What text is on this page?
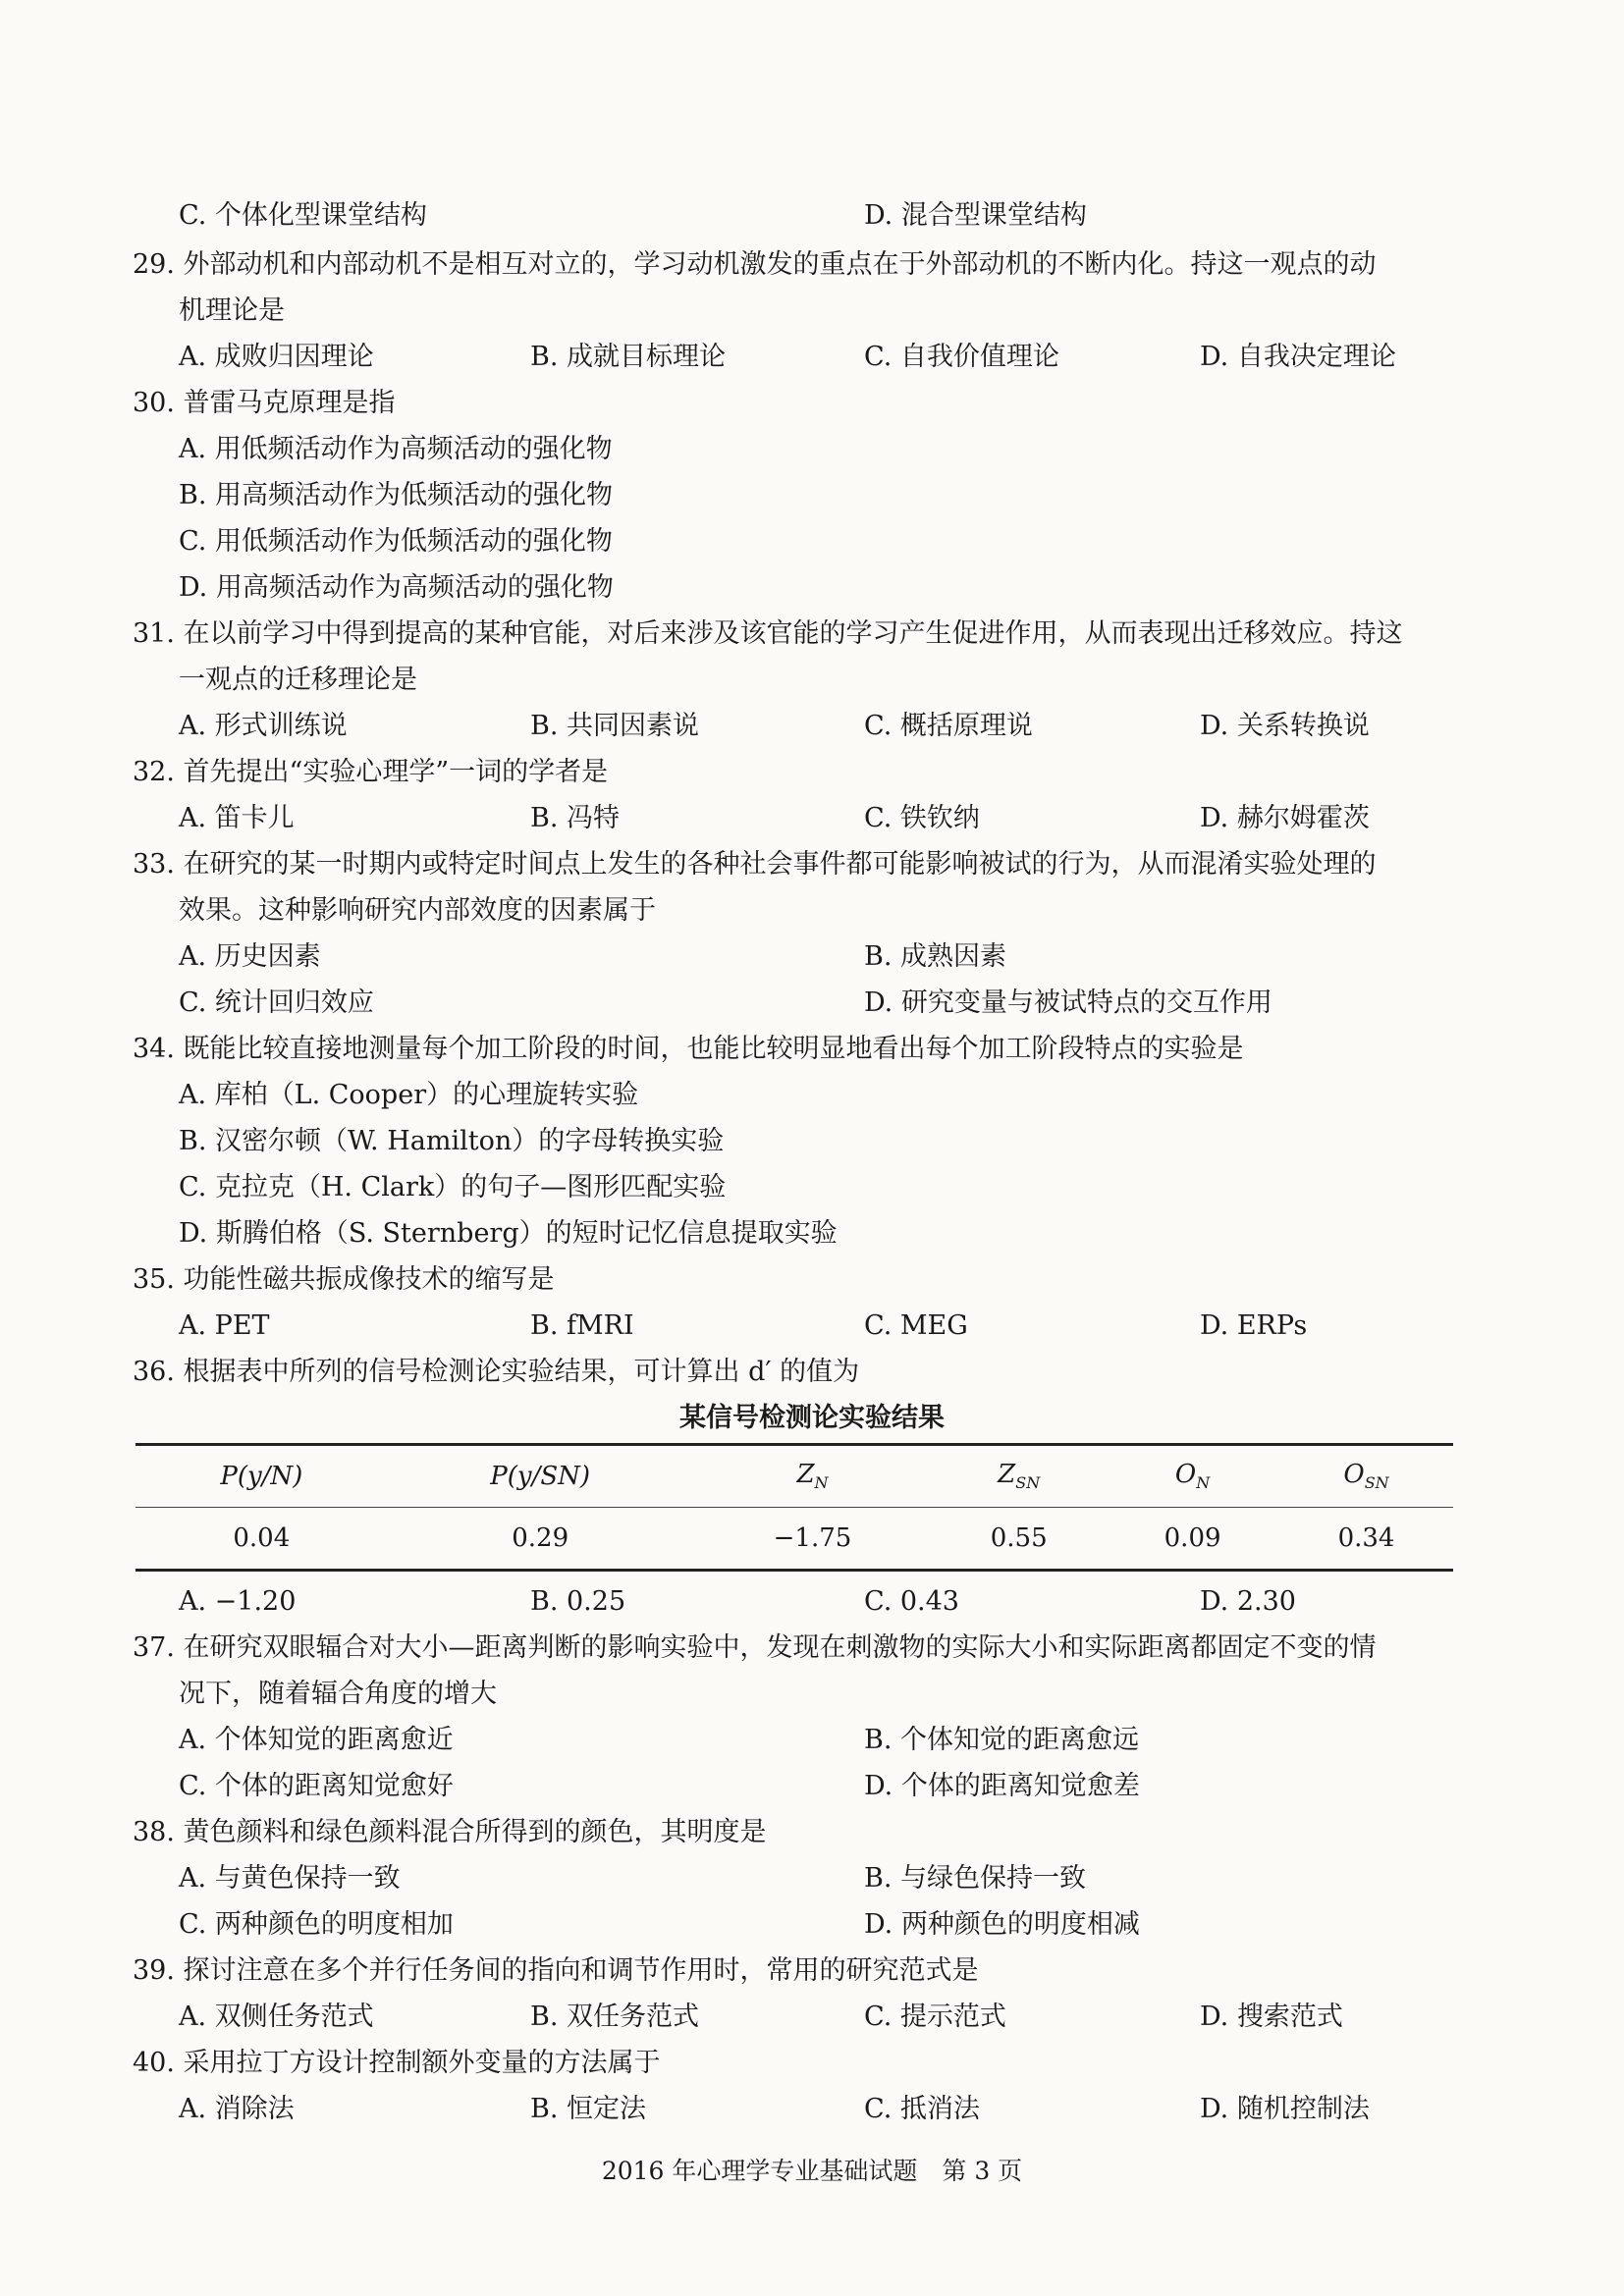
C. 个体化型课堂结构	D. 混合型课堂结构
29. 外部动机和内部动机不是相互对立的，学习动机激发的重点在于外部动机的不断内化。持这一观点的动
机理论是
A. 成败归因理论	B. 成就目标理论	C. 自我价值理论	D. 自我决定理论
30. 普雷马克原理是指
A. 用低频活动作为高频活动的强化物
B. 用高频活动作为低频活动的强化物
C. 用低频活动作为低频活动的强化物
D. 用高频活动作为高频活动的强化物
31. 在以前学习中得到提高的某种官能，对后来涉及该官能的学习产生促进作用，从而表现出迁移效应。持这
一观点的迁移理论是
A. 形式训练说	B. 共同因素说	C. 概括原理说	D. 关系转换说
32. 首先提出“实验心理学”一词的学者是
A. 笛卡儿	B. 冯特	C. 铁钦纳	D. 赫尔姆霍茨
33. 在研究的某一时期内或特定时间点上发生的各种社会事件都可能影响被试的行为，从而混淆实验处理的
效果。这种影响研究内部效度的因素属于
A. 历史因素	B. 成熟因素
C. 统计回归效应	D. 研究变量与被试特点的交互作用
34. 既能比较直接地测量每个加工阶段的时间，也能比较明显地看出每个加工阶段特点的实验是
A. 库柏（L. Cooper）的心理旋转实验
B. 汉密尔顿（W. Hamilton）的字母转换实验
C. 克拉克（H. Clark）的句子—图形匹配实验
D. 斯腾伯格（S. Sternberg）的短时记忆信息提取实验
35. 功能性磁共振成像技术的缩写是
A. PET	B. fMRI	C. MEG	D. ERPs
36. 根据表中所列的信号检测论实验结果，可计算出 d′ 的值为
某信号检测论实验结果
P(y/N)	P(y/SN)	$Z_N$	$Z_{SN}$	$O_N$	$O_{SN}$
0.04	0.29	−1.75	0.55	0.09	0.34
A. −1.20	B. 0.25	C. 0.43	D. 2.30
37. 在研究双眼辐合对大小—距离判断的影响实验中，发现在刺激物的实际大小和实际距离都固定不变的情
况下，随着辐合角度的增大
A. 个体知觉的距离愈近	B. 个体知觉的距离愈远
C. 个体的距离知觉愈好	D. 个体的距离知觉愈差
38. 黄色颜料和绿色颜料混合所得到的颜色，其明度是
A. 与黄色保持一致	B. 与绿色保持一致
C. 两种颜色的明度相加	D. 两种颜色的明度相减
39. 探讨注意在多个并行任务间的指向和调节作用时，常用的研究范式是
A. 双侧任务范式	B. 双任务范式	C. 提示范式	D. 搜索范式
40. 采用拉丁方设计控制额外变量的方法属于
A. 消除法	B. 恒定法	C. 抵消法	D. 随机控制法
2016 年心理学专业基础试题　第 3 页
